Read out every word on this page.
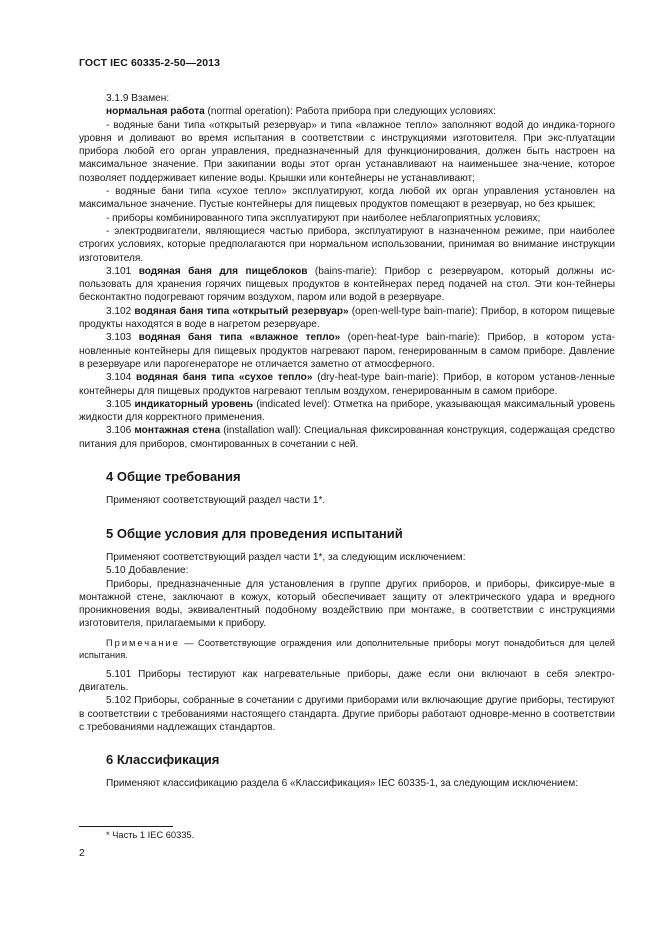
ГОСТ IEC 60335-2-50—2013

3.1.9 Взамен:

нормальная работа (normal operation): Работа прибора при следующих условиях:

- водяные бани типа «открытый резервуар» и типа «влажное тепло» заполняют водой до индика-торного уровня и доливают во время испытания в соответствии с инструкциями изготовителя. При экс-плуатации прибора любой его орган управления, предназначенный для функционирования, должен быть настроен на максимальное значение. При закипании воды этот орган устанавливают на наименьшее зна-чение, которое позволяет поддерживает кипение воды. Крышки или контейнеры не устанавливают;

- водяные бани типа «сухое тепло» эксплуатируют, когда любой их орган управления установлен на максимальное значение. Пустые контейнеры для пищевых продуктов помещают в резервуар, но без крышек;

- приборы комбинированного типа эксплуатируют при наиболее неблагоприятных условиях;

- электродвигатели, являющиеся частью прибора, эксплуатируют в назначенном режиме, при наиболее строгих условиях, которые предполагаются при нормальном использовании, принимая во внимание инструкции изготовителя.

3.101 водяная баня для пищеблоков (bains-marie): Прибор с резервуаром, который должны ис-пользовать для хранения горячих пищевых продуктов в контейнерах перед подачей на стол. Эти кон-тейнеры бесконтактно подогревают горячим воздухом, паром или водой в резервуаре.

3.102 водяная баня типа «открытый резервуар» (open-well-type bain-marie): Прибор, в котором пищевые продукты находятся в воде в нагретом резервуаре.

3.103 водяная баня типа «влажное тепло» (open-heat-type bain-marie): Прибор, в котором уста-новленные контейнеры для пищевых продуктов нагревают паром, генерированным в самом приборе. Давление в резервуаре или парогенераторе не отличается заметно от атмосферного.

3.104 водяная баня типа «сухое тепло» (dry-heat-type bain-marie): Прибор, в котором установ-ленные контейнеры для пищевых продуктов нагревают теплым воздухом, генерированным в самом приборе.

3.105 индикаторный уровень (indicated level): Отметка на приборе, указывающая максимальный уровень жидкости для корректного применения.

3.106 монтажная стена (installation wall): Специальная фиксированная конструкция, содержащая средство питания для приборов, смонтированных в сочетании с ней.

4 Общие требования

Применяют соответствующий раздел части 1*.

5 Общие условия для проведения испытаний

Применяют соответствующий раздел части 1*, за следующим исключением:

5.10 Добавление:

Приборы, предназначенные для установления в группе других приборов, и приборы, фиксируе-мые в монтажной стене, заключают в кожух, который обеспечивает защиту от электрического удара и вредного проникновения воды, эквивалентный подобному воздействию при монтаже, в соответствии с инструкциями изготовителя, прилагаемыми к прибору.

Примечание — Соответствующие ограждения или дополнительные приборы могут понадобиться для целей испытания.

5.101 Приборы тестируют как нагревательные приборы, даже если они включают в себя электро-двигатель.

5.102 Приборы, собранные в сочетании с другими приборами или включающие другие приборы, тестируют в соответствии с требованиями настоящего стандарта. Другие приборы работают одновре-менно в соответствии с требованиями надлежащих стандартов.

6 Классификация

Применяют классификацию раздела 6 «Классификация» IEC 60335-1, за следующим исключением:

* Часть 1 IEC 60335.
2
